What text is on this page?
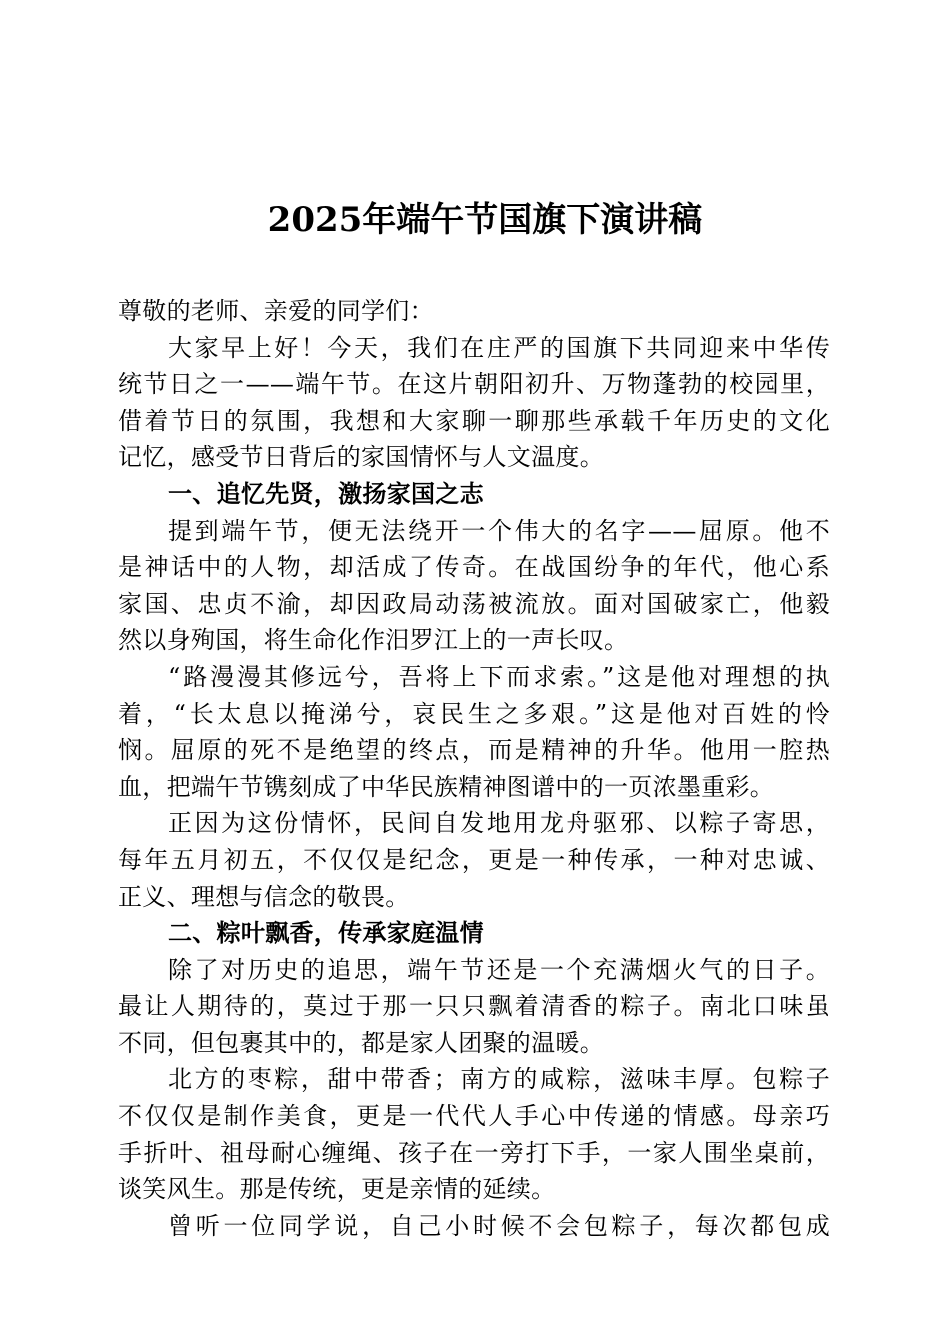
2025年端午节国旗下演讲稿
尊敬的老师、亲爱的同学们：
大家早上好！今天，我们在庄严的国旗下共同迎来中华传
统节日之一——端午节。在这片朝阳初升、万物蓬勃的校园里，
借着节日的氛围，我想和大家聊一聊那些承载千年历史的文化
记忆，感受节日背后的家国情怀与人文温度。
一、追忆先贤，激扬家国之志
提到端午节，便无法绕开一个伟大的名字——屈原。他不
是神话中的人物，却活成了传奇。在战国纷争的年代，他心系
家国、忠贞不渝，却因政局动荡被流放。面对国破家亡，他毅
然以身殉国，将生命化作汨罗江上的一声长叹。
“路漫漫其修远兮，吾将上下而求索。”这是他对理想的执
着，“长太息以掩涕兮，哀民生之多艰。”这是他对百姓的怜
悯。屈原的死不是绝望的终点，而是精神的升华。他用一腔热
血，把端午节镌刻成了中华民族精神图谱中的一页浓墨重彩。
正因为这份情怀，民间自发地用龙舟驱邪、以粽子寄思，
每年五月初五，不仅仅是纪念，更是一种传承，一种对忠诚、
正义、理想与信念的敬畏。
二、粽叶飘香，传承家庭温情
除了对历史的追思，端午节还是一个充满烟火气的日子。
最让人期待的，莫过于那一只只飘着清香的粽子。南北口味虽
不同，但包裹其中的，都是家人团聚的温暖。
北方的枣粽，甜中带香；南方的咸粽，滋味丰厚。包粽子
不仅仅是制作美食，更是一代代人手心中传递的情感。母亲巧
手折叶、祖母耐心缠绳、孩子在一旁打下手，一家人围坐桌前，
谈笑风生。那是传统，更是亲情的延续。
曾听一位同学说，自己小时候不会包粽子，每次都包成
